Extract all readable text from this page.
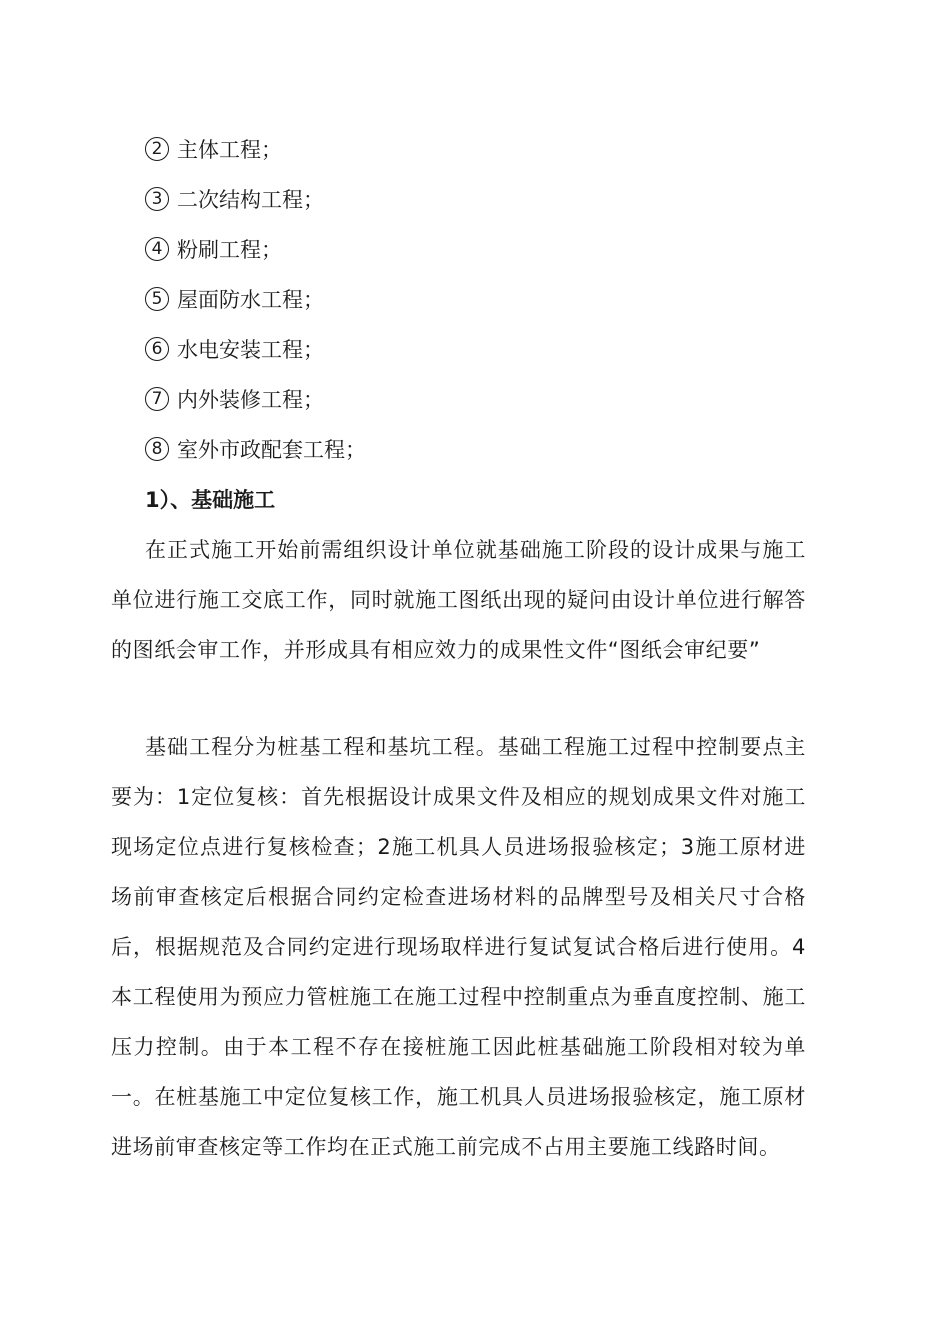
2 主体工程；
3 二次结构工程；
4 粉刷工程；
5 屋面防水工程；
6 水电安装工程；
7 内外装修工程；
8 室外市政配套工程；
1）、基础施工

在正式施工开始前需组织设计单位就基础施工阶段的设计成果与施工单位进行施工交底工作，同时就施工图纸出现的疑问由设计单位进行解答的图纸会审工作，并形成具有相应效力的成果性文件“图纸会审纪要”

基础工程分为桩基工程和基坑工程。基础工程施工过程中控制要点主要为：1定位复核：首先根据设计成果文件及相应的规划成果文件对施工现场定位点进行复核检查；2施工机具人员进场报验核定；3施工原材进场前审查核定后根据合同约定检查进场材料的品牌型号及相关尺寸合格后，根据规范及合同约定进行现场取样进行复试复试合格后进行使用。4本工程使用为预应力管桩施工在施工过程中控制重点为垂直度控制、施工压力控制。由于本工程不存在接桩施工因此桩基础施工阶段相对较为单一。在桩基施工中定位复核工作，施工机具人员进场报验核定，施工原材进场前审查核定等工作均在正式施工前完成不占用主要施工线路时间。
